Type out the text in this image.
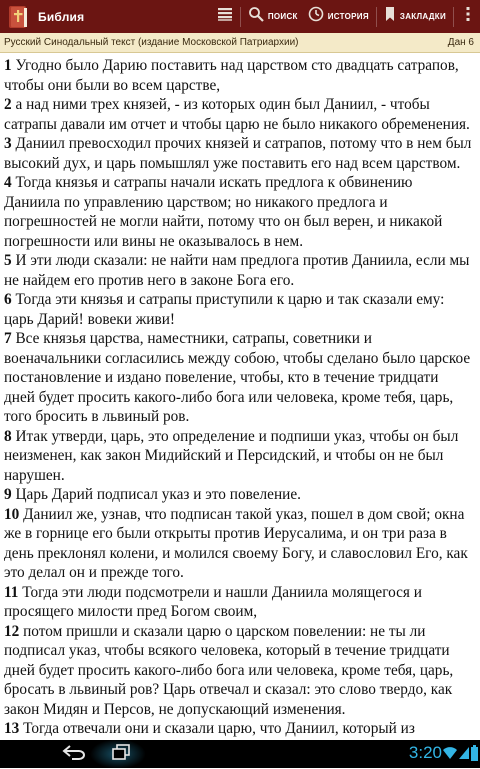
Библия	ПОИСК	ИСТОРИЯ	ЗАКЛАДКИ
Русский Синодальный текст (издание Московской Патриархии)	Дан 6

1 Угодно было Дарию поставить над царством сто двадцать сатрапов, чтобы они были во всем царстве,

2 а над ними трех князей, - из которых один был Даниил, - чтобы сатрапы давали им отчет и чтобы царю не было никакого обременения.

3 Даниил превосходил прочих князей и сатрапов, потому что в нем был высокий дух, и царь помышлял уже поставить его над всем царством.

4 Тогда князья и сатрапы начали искать предлога к обвинению Даниила по управлению царством; но никакого предлога и погрешностей не могли найти, потому что он был верен, и никакой погрешности или вины не оказывалось в нем.

5 И эти люди сказали: не найти нам предлога против Даниила, если мы не найдем его против него в законе Бога его.

6 Тогда эти князья и сатрапы приступили к царю и так сказали ему: царь Дарий! вовеки живи!

7 Все князья царства, наместники, сатрапы, советники и военачальники согласились между собою, чтобы сделано было царское постановление и издано повеление, чтобы, кто в течение тридцати дней будет просить какого-либо бога или человека, кроме тебя, царь, того бросить в львиный ров.

8 Итак утверди, царь, это определение и подпиши указ, чтобы он был неизменен, как закон Мидийский и Персидский, и чтобы он не был нарушен.

9 Царь Дарий подписал указ и это повеление.

10 Даниил же, узнав, что подписан такой указ, пошел в дом свой; окна же в горнице его были открыты против Иерусалима, и он три раза в день преклонял колени, и молился своему Богу, и славословил Его, как это делал он и прежде того.

11 Тогда эти люди подсмотрели и нашли Даниила молящегося и просящего милости пред Богом своим,

12 потом пришли и сказали царю о царском повелении: не ты ли подписал указ, чтобы всякого человека, который в течение тридцати дней будет просить какого-либо бога или человека, кроме тебя, царь, бросать в львиный ров? Царь отвечал и сказал: это слово твердо, как закон Мидян и Персов, не допускающий изменения.

13 Тогда отвечали они и сказали царю, что Даниил, который из

3:20
